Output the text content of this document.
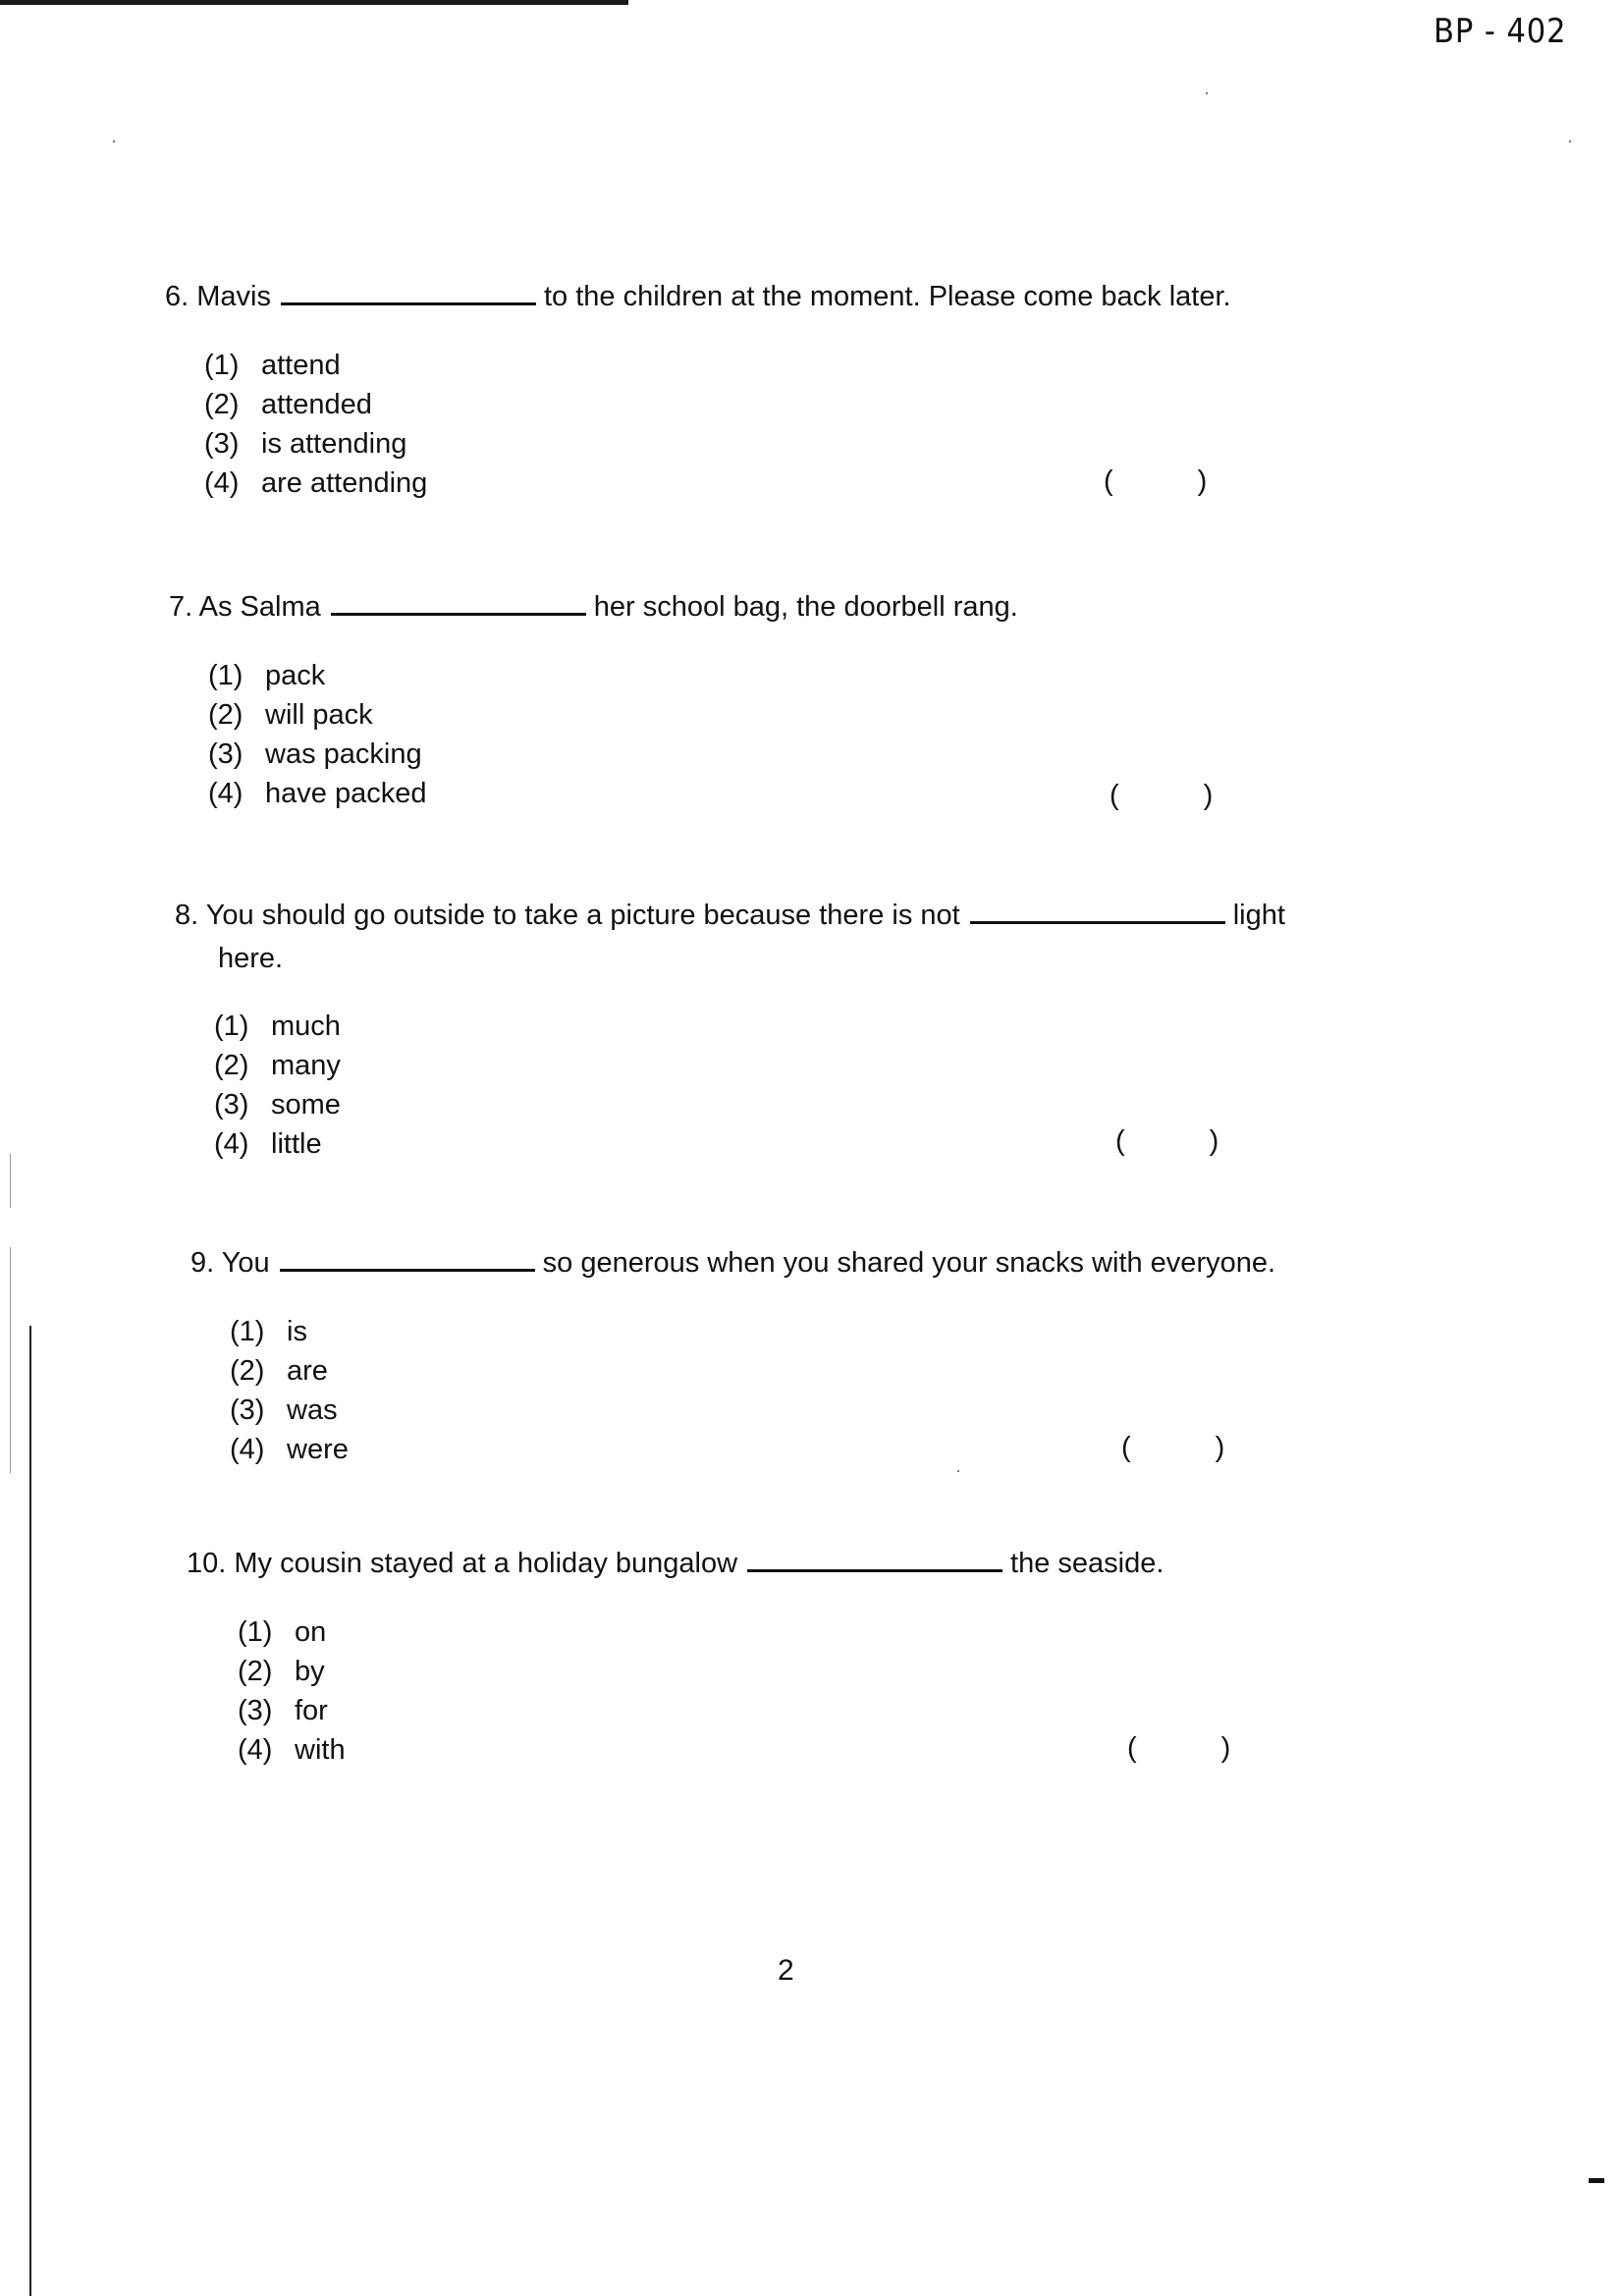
BP - 402
6. Mavis	to the children at the moment. Please come back later.
(1) attend
(2) attended
(3) is attending
(4) are attending	(	)
7. As Salma	her school bag, the doorbell rang.
(1) pack
(2) will pack
(3) was packing
(4) have packed	(	)
8. You should go outside to take a picture because there is not	light
here.
(1) much
(2) many
(3) some
(4) little	(	)
9. You	so generous when you shared your snacks with everyone.
(1) is
(2) are
(3) was
(4) were	(	)
10. My cousin stayed at a holiday bungalow	the seaside.
(1) on
(2) by
(3) for
(4) with	(	)
2
